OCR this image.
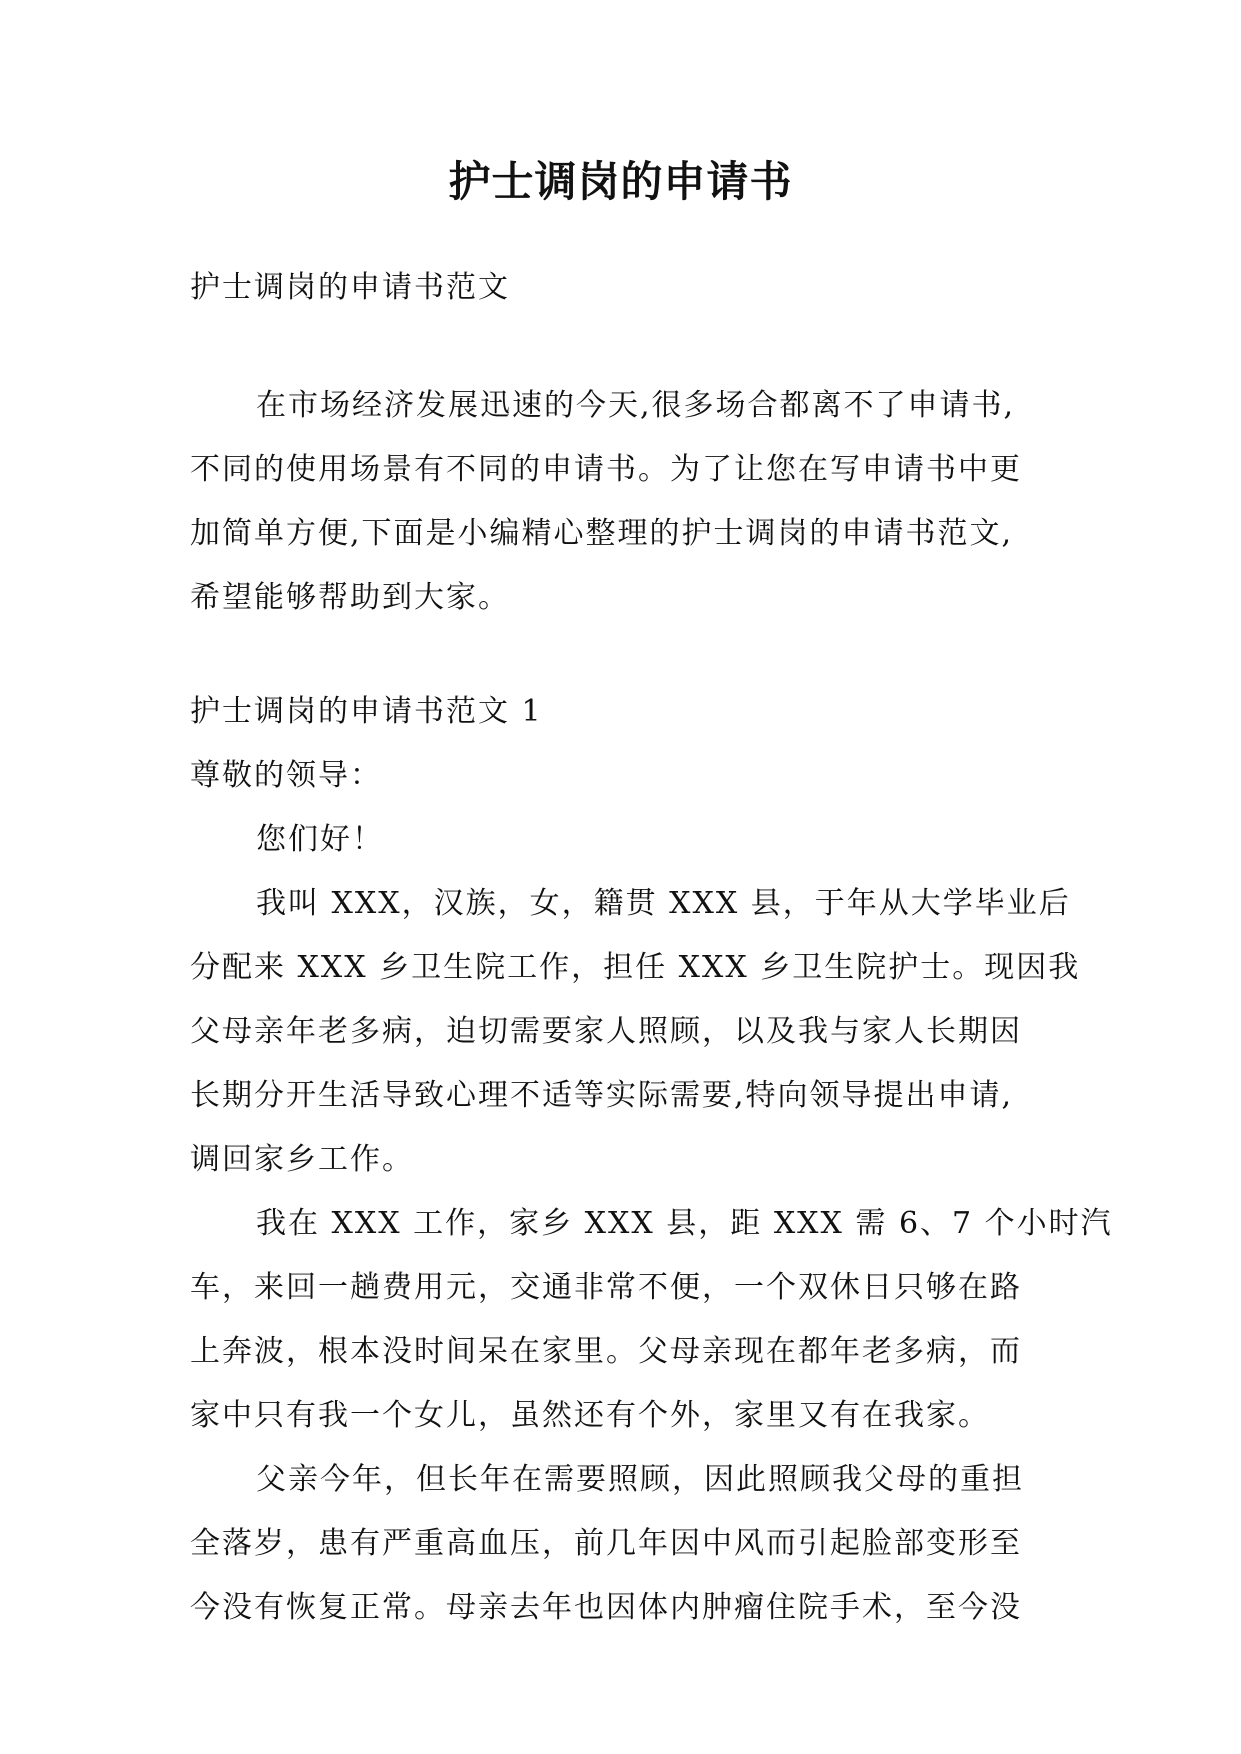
护士调岗的申请书
护士调岗的申请书范文
在市场经济发展迅速的今天,很多场合都离不了申请书,
不同的使用场景有不同的申请书。为了让您在写申请书中更
加简单方便,下面是小编精心整理的护士调岗的申请书范文,
希望能够帮助到大家。
护士调岗的申请书范文 1
尊敬的领导：
您们好！
我叫 XXX，汉族，女，籍贯 XXX 县，于年从大学毕业后
分配来 XXX 乡卫生院工作，担任 XXX 乡卫生院护士。现因我
父母亲年老多病，迫切需要家人照顾，以及我与家人长期因
长期分开生活导致心理不适等实际需要,特向领导提出申请,
调回家乡工作。
我在 XXX 工作，家乡 XXX 县，距 XXX 需 6、7 个小时汽
车，来回一趟费用元，交通非常不便，一个双休日只够在路
上奔波，根本没时间呆在家里。父母亲现在都年老多病，而
家中只有我一个女儿，虽然还有个外，家里又有在我家。
父亲今年，但长年在需要照顾，因此照顾我父母的重担
全落岁，患有严重高血压，前几年因中风而引起脸部变形至
今没有恢复正常。母亲去年也因体内肿瘤住院手术，至今没
